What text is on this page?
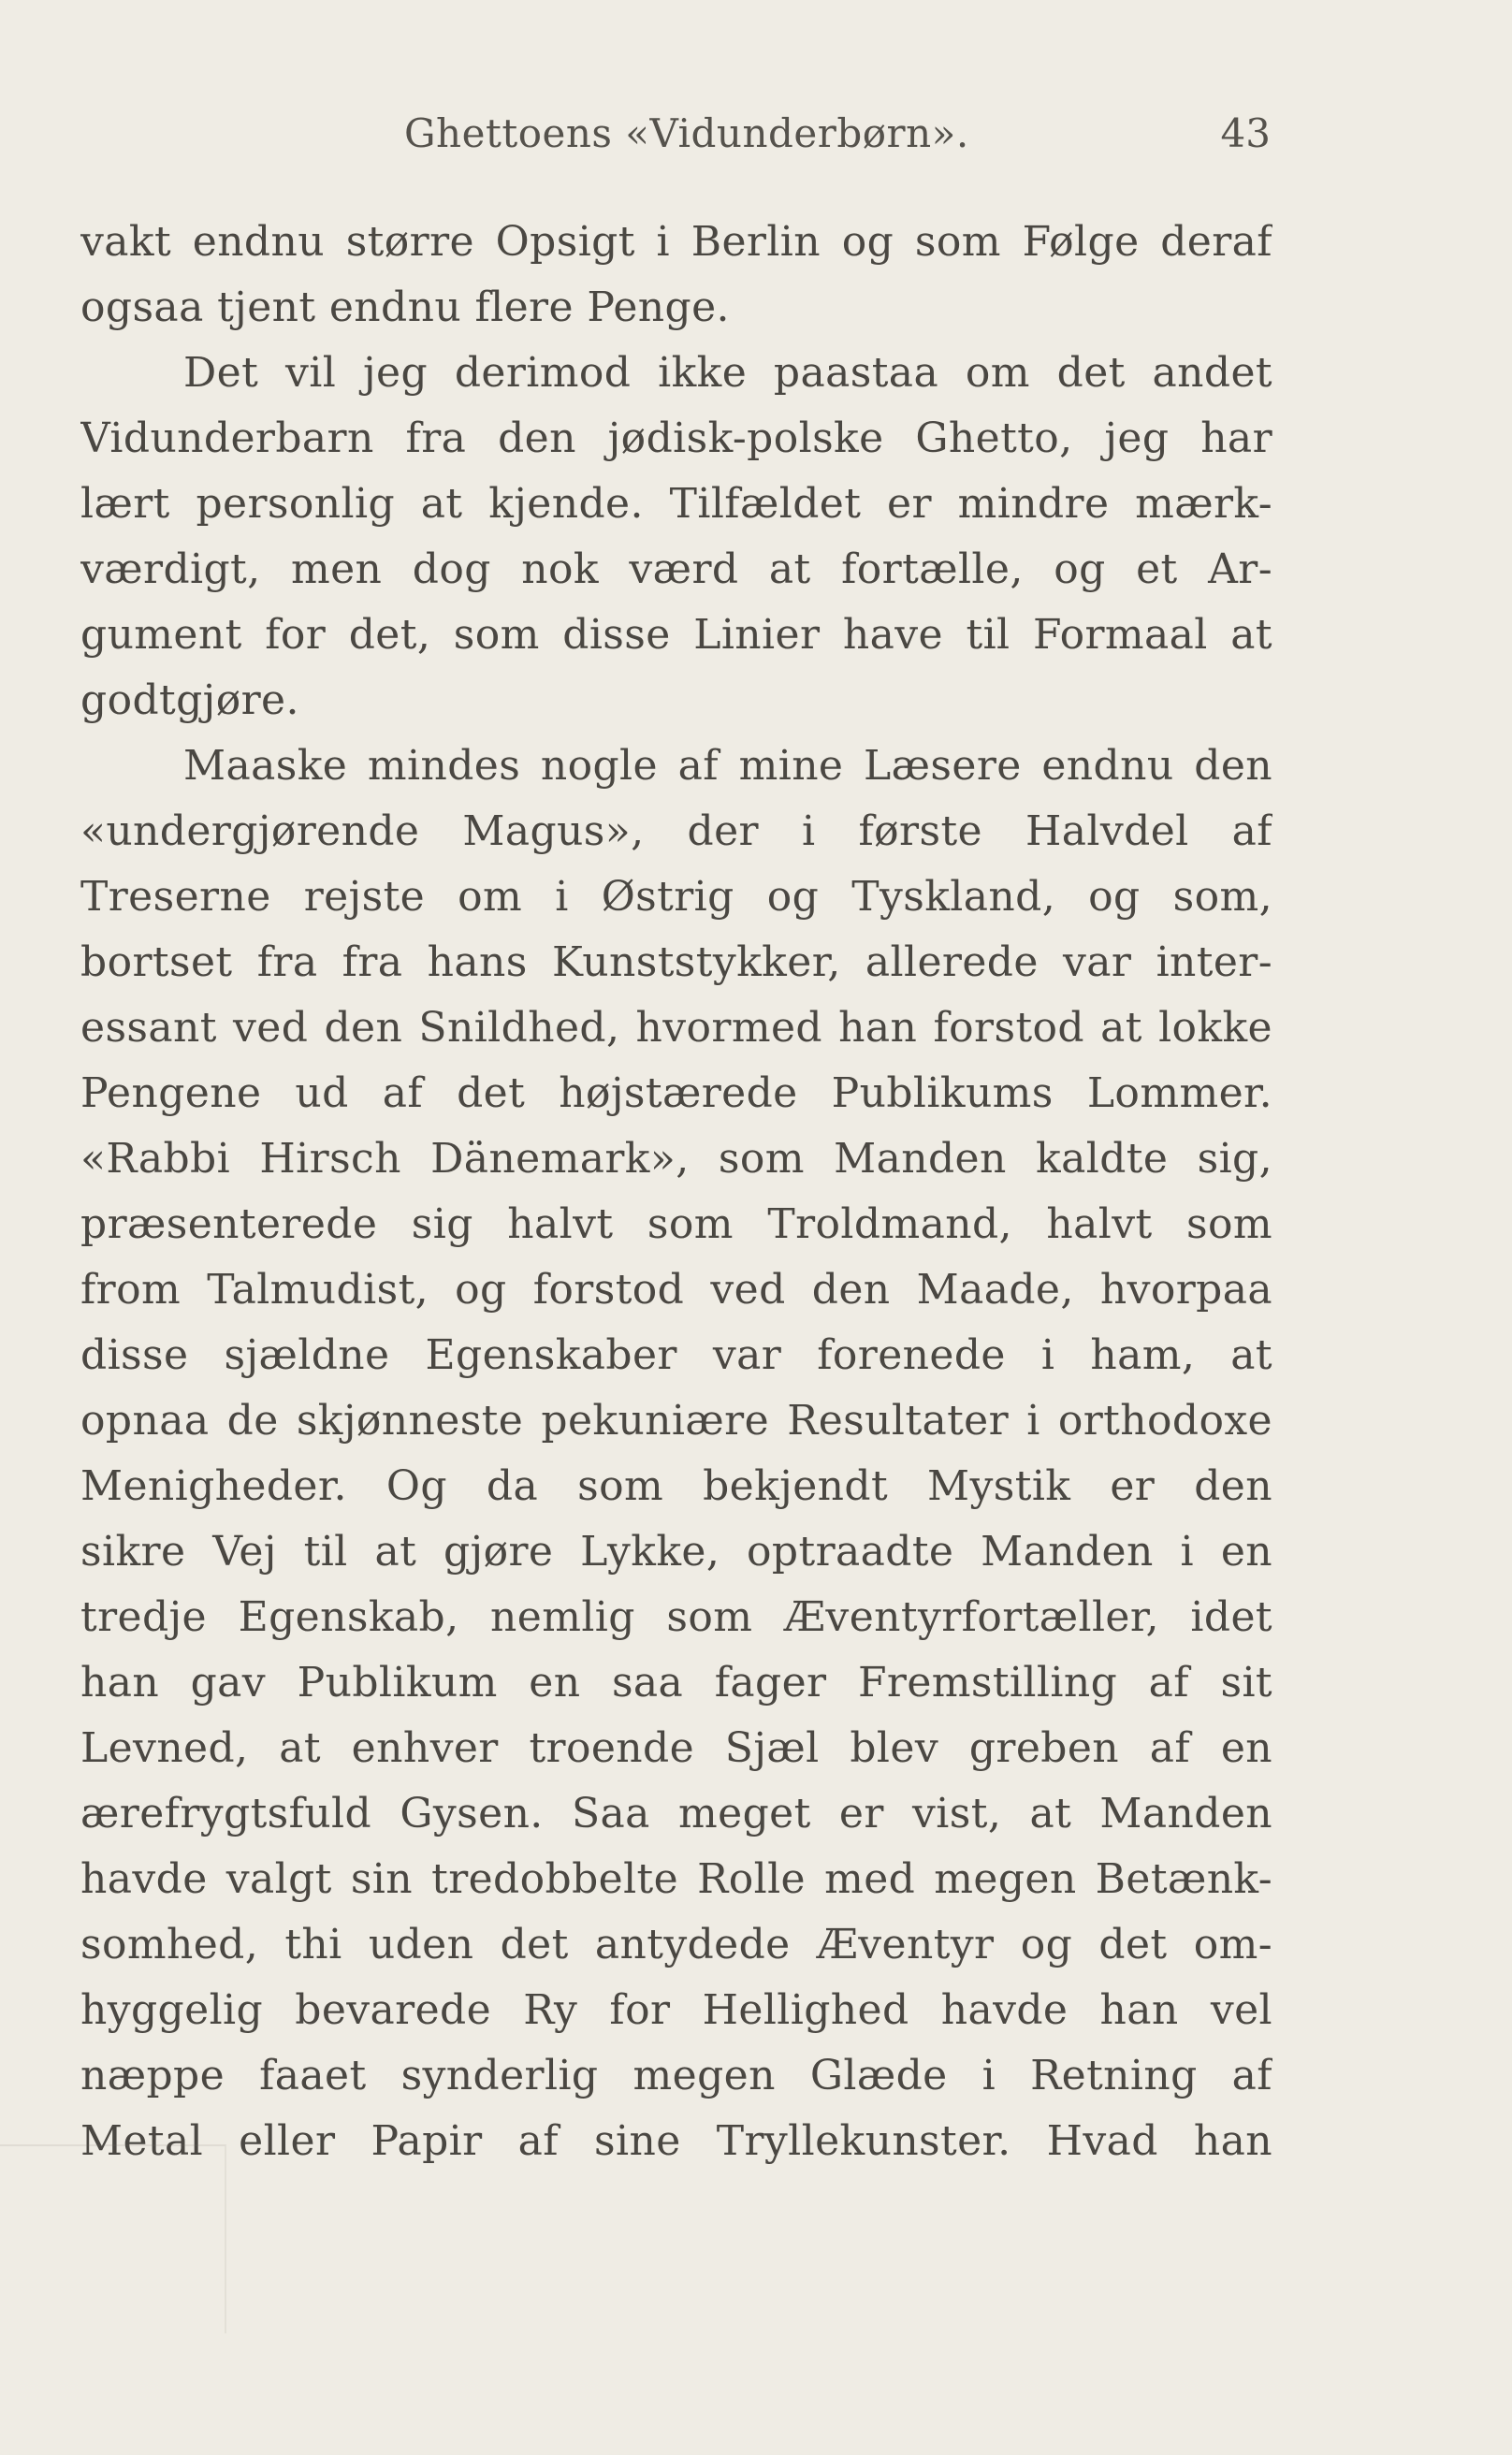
Ghettoens «Vidunderbørn».	43
vakt endnu større Opsigt i Berlin og som Følge deraf
ogsaa tjent endnu flere Penge.
Det vil jeg derimod ikke paastaa om det andet
Vidunderbarn fra den jødisk-polske Ghetto, jeg har
lært personlig at kjende. Tilfældet er mindre mærk-
værdigt, men dog nok værd at fortælle, og et Ar-
gument for det, som disse Linier have til Formaal at
godtgjøre.
Maaske mindes nogle af mine Læsere endnu den
«undergjørende Magus», der i første Halvdel af
Treserne rejste om i Østrig og Tyskland, og som,
bortset fra fra hans Kunststykker, allerede var inter-
essant ved den Snildhed, hvormed han forstod at lokke
Pengene ud af det højstærede Publikums Lommer.
«Rabbi Hirsch Dänemark», som Manden kaldte sig,
præsenterede sig halvt som Troldmand, halvt som
from Talmudist, og forstod ved den Maade, hvorpaa
disse sjældne Egenskaber var forenede i ham, at
opnaa de skjønneste pekuniære Resultater i orthodoxe
Menigheder. Og da som bekjendt Mystik er den
sikre Vej til at gjøre Lykke, optraadte Manden i en
tredje Egenskab, nemlig som Æventyrfortæller, idet
han gav Publikum en saa fager Fremstilling af sit
Levned, at enhver troende Sjæl blev greben af en
ærefrygtsfuld Gysen. Saa meget er vist, at Manden
havde valgt sin tredobbelte Rolle med megen Betænk-
somhed, thi uden det antydede Æventyr og det om-
hyggelig bevarede Ry for Hellighed havde han vel
næppe faaet synderlig megen Glæde i Retning af
Metal eller Papir af sine Tryllekunster. Hvad han
